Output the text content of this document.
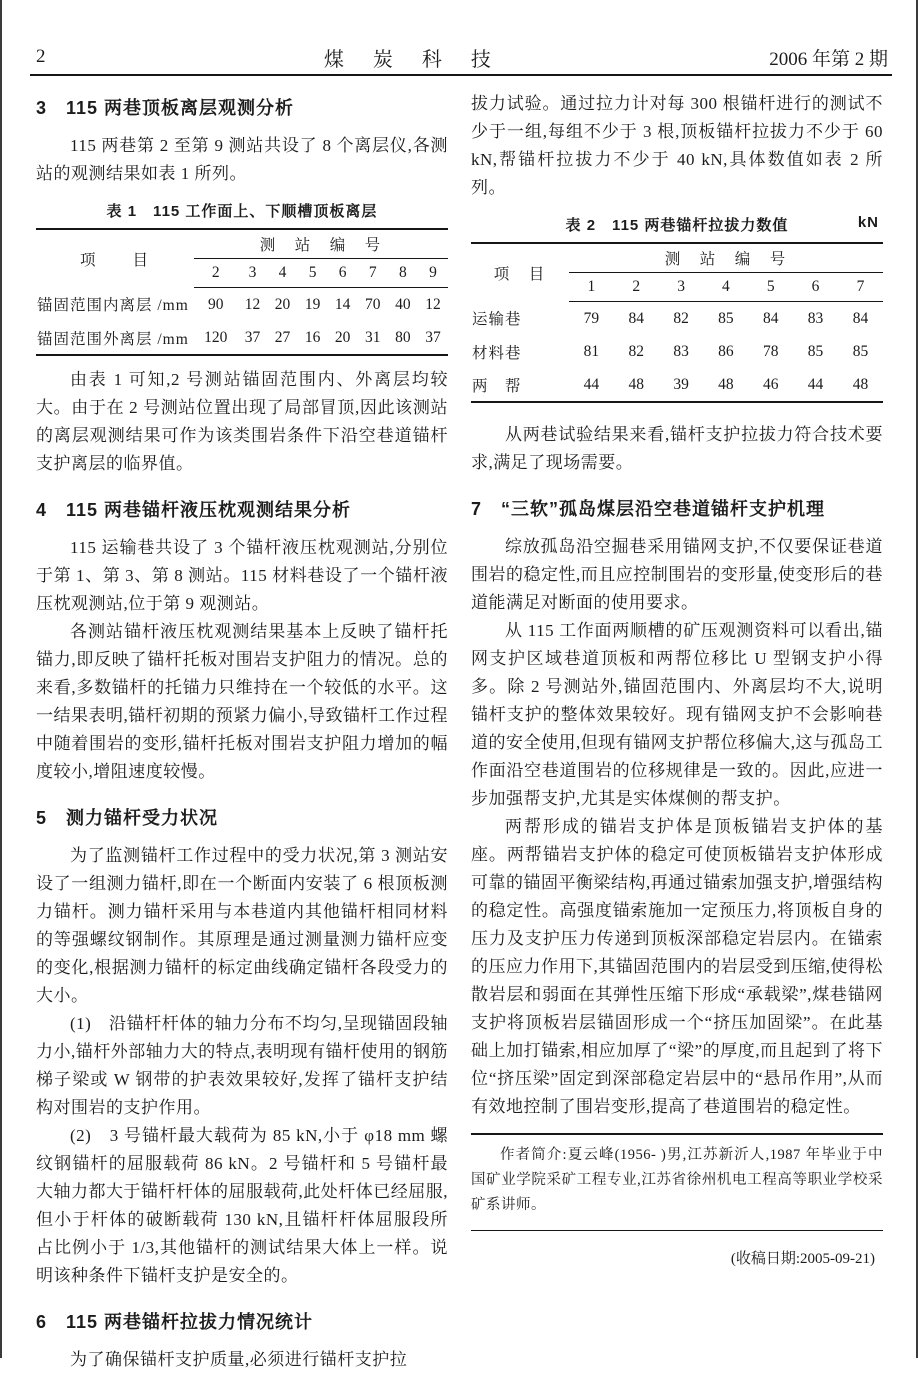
2	煤 炭 科 技	2006 年第 2 期
3　115 两巷顶板离层观测分析

115 两巷第 2 至第 9 测站共设了 8 个离层仪,各测站的观测结果如表 1 所列。

表 1　115 工作面上、下顺槽顶板离层
项　　目	测　站　编　号							
	2	3	4	5	6	7	8	9
锚固范围内离层 /mm	90	12	20	19	14	70	40	12
锚固范围外离层 /mm	120	37	27	16	20	31	80	37

由表 1 可知,2 号测站锚固范围内、外离层均较大。由于在 2 号测站位置出现了局部冒顶,因此该测站的离层观测结果可作为该类围岩条件下沿空巷道锚杆支护离层的临界值。

4　115 两巷锚杆液压枕观测结果分析

115 运输巷共设了 3 个锚杆液压枕观测站,分别位于第 1、第 3、第 8 测站。115 材料巷设了一个锚杆液压枕观测站,位于第 9 观测站。

各测站锚杆液压枕观测结果基本上反映了锚杆托锚力,即反映了锚杆托板对围岩支护阻力的情况。总的来看,多数锚杆的托锚力只维持在一个较低的水平。这一结果表明,锚杆初期的预紧力偏小,导致锚杆工作过程中随着围岩的变形,锚杆托板对围岩支护阻力增加的幅度较小,增阻速度较慢。

5　测力锚杆受力状况

为了监测锚杆工作过程中的受力状况,第 3 测站安设了一组测力锚杆,即在一个断面内安装了 6 根顶板测力锚杆。测力锚杆采用与本巷道内其他锚杆相同材料的等强螺纹钢制作。其原理是通过测量测力锚杆应变的变化,根据测力锚杆的标定曲线确定锚杆各段受力的大小。

(1)　沿锚杆杆体的轴力分布不均匀,呈现锚固段轴力小,锚杆外部轴力大的特点,表明现有锚杆使用的钢筋梯子梁或 W 钢带的护表效果较好,发挥了锚杆支护结构对围岩的支护作用。

(2)　3 号锚杆最大载荷为 85 kN,小于 φ18 mm 螺纹钢锚杆的屈服载荷 86 kN。2 号锚杆和 5 号锚杆最大轴力都大于锚杆杆体的屈服载荷,此处杆体已经屈服,但小于杆体的破断载荷 130 kN,且锚杆杆体屈服段所占比例小于 1/3,其他锚杆的测试结果大体上一样。说明该种条件下锚杆支护是安全的。

6　115 两巷锚杆拉拔力情况统计

为了确保锚杆支护质量,必须进行锚杆支护拉

拔力试验。通过拉力计对每 300 根锚杆进行的测试不少于一组,每组不少于 3 根,顶板锚杆拉拔力不少于 60 kN,帮锚杆拉拔力不少于 40 kN,具体数值如表 2 所列。

表 2　115 两巷锚杆拉拔力数值	kN
项　目	测　站　编　号						
	1	2	3	4	5	6	7
运输巷	79	84	82	85	84	83	84
材料巷	81	82	83	86	78	85	85
两　帮	44	48	39	48	46	44	48

从两巷试验结果来看,锚杆支护拉拔力符合技术要求,满足了现场需要。

7　“三软”孤岛煤层沿空巷道锚杆支护机理

综放孤岛沿空掘巷采用锚网支护,不仅要保证巷道围岩的稳定性,而且应控制围岩的变形量,使变形后的巷道能满足对断面的使用要求。

从 115 工作面两顺槽的矿压观测资料可以看出,锚网支护区域巷道顶板和两帮位移比 U 型钢支护小得多。除 2 号测站外,锚固范围内、外离层均不大,说明锚杆支护的整体效果较好。现有锚网支护不会影响巷道的安全使用,但现有锚网支护帮位移偏大,这与孤岛工作面沿空巷道围岩的位移规律是一致的。因此,应进一步加强帮支护,尤其是实体煤侧的帮支护。

两帮形成的锚岩支护体是顶板锚岩支护体的基座。两帮锚岩支护体的稳定可使顶板锚岩支护体形成可靠的锚固平衡梁结构,再通过锚索加强支护,增强结构的稳定性。高强度锚索施加一定预压力,将顶板自身的压力及支护压力传递到顶板深部稳定岩层内。在锚索的压应力作用下,其锚固范围内的岩层受到压缩,使得松散岩层和弱面在其弹性压缩下形成“承载梁”,煤巷锚网支护将顶板岩层锚固形成一个“挤压加固梁”。在此基础上加打锚索,相应加厚了“梁”的厚度,而且起到了将下位“挤压梁”固定到深部稳定岩层中的“悬吊作用”,从而有效地控制了围岩变形,提高了巷道围岩的稳定性。

作者简介:夏云峰(1956- )男,江苏新沂人,1987 年毕业于中国矿业学院采矿工程专业,江苏省徐州机电工程高等职业学校采矿系讲师。

(收稿日期:2005-09-21)
